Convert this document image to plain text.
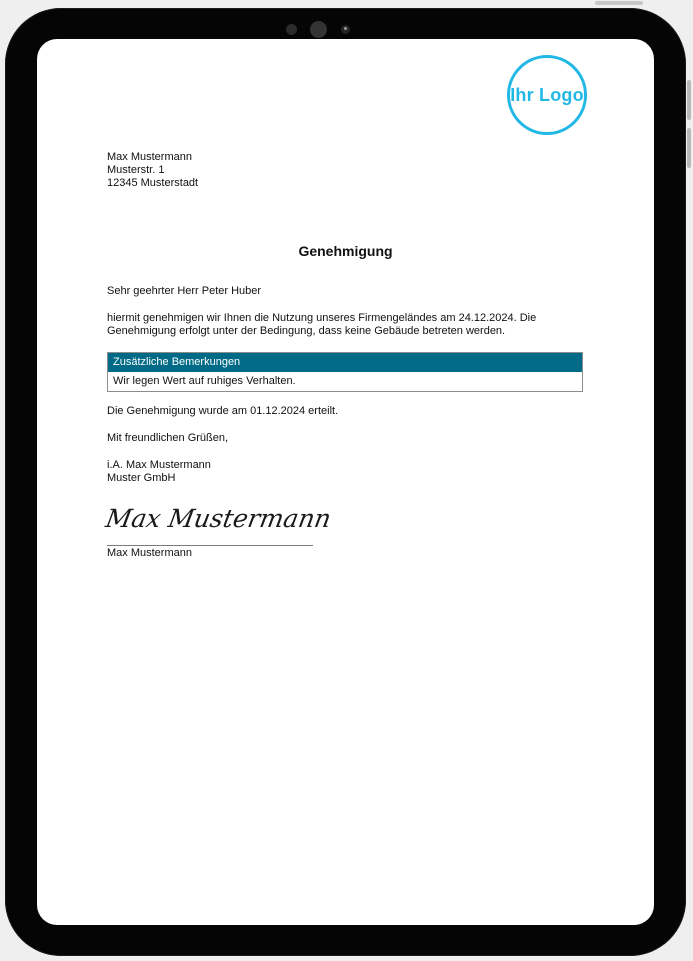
Ihr Logo
Max Mustermann
Musterstr. 1
12345 Musterstadt
Genehmigung
Sehr geehrter Herr Peter Huber
hiermit genehmigen wir Ihnen die Nutzung unseres Firmengeländes am 24.12.2024. Die
Genehmigung erfolgt unter der Bedingung, dass keine Gebäude betreten werden.
Zusätzliche Bemerkungen
Wir legen Wert auf ruhiges Verhalten.
Die Genehmigung wurde am 01.12.2024 erteilt.
Mit freundlichen Grüßen,
i.A. Max Mustermann
Muster GmbH
Max Mustermann
Max Mustermann
